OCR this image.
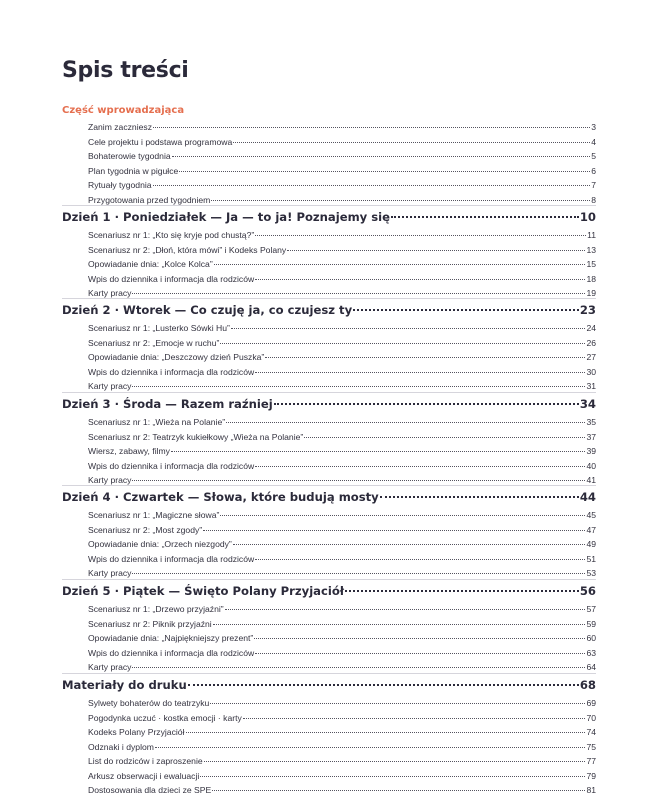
Spis treści
Część wprowadzająca
Zanim zaczniesz	3
Cele projektu i podstawa programowa	4
Bohaterowie tygodnia	5
Plan tygodnia w pigułce	6
Rytuały tygodnia	7
Przygotowania przed tygodniem	8
Dzień 1 · Poniedziałek — Ja — to ja! Poznajemy się	10
Scenariusz nr 1: „Kto się kryje pod chustą?”	11
Scenariusz nr 2: „Dłoń, która mówi” i Kodeks Polany	13
Opowiadanie dnia: „Kolce Kolca”	15
Wpis do dziennika i informacja dla rodziców	18
Karty pracy	19
Dzień 2 · Wtorek — Co czuję ja, co czujesz ty	23
Scenariusz nr 1: „Lusterko Sówki Hu”	24
Scenariusz nr 2: „Emocje w ruchu”	26
Opowiadanie dnia: „Deszczowy dzień Puszka”	27
Wpis do dziennika i informacja dla rodziców	30
Karty pracy	31
Dzień 3 · Środa — Razem raźniej	34
Scenariusz nr 1: „Wieża na Polanie”	35
Scenariusz nr 2: Teatrzyk kukiełkowy „Wieża na Polanie”	37
Wiersz, zabawy, filmy	39
Wpis do dziennika i informacja dla rodziców	40
Karty pracy	41
Dzień 4 · Czwartek — Słowa, które budują mosty	44
Scenariusz nr 1: „Magiczne słowa”	45
Scenariusz nr 2: „Most zgody”	47
Opowiadanie dnia: „Orzech niezgody”	49
Wpis do dziennika i informacja dla rodziców	51
Karty pracy	53
Dzień 5 · Piątek — Święto Polany Przyjaciół	56
Scenariusz nr 1: „Drzewo przyjaźni”	57
Scenariusz nr 2: Piknik przyjaźni	59
Opowiadanie dnia: „Najpiękniejszy prezent”	60
Wpis do dziennika i informacja dla rodziców	63
Karty pracy	64
Materiały do druku	68
Sylwety bohaterów do teatrzyku	69
Pogodynka uczuć · kostka emocji · karty	70
Kodeks Polany Przyjaciół	74
Odznaki i dyplom	75
List do rodziców i zaproszenie	77
Arkusz obserwacji i ewaluacji	79
Dostosowania dla dzieci ze SPE	81
